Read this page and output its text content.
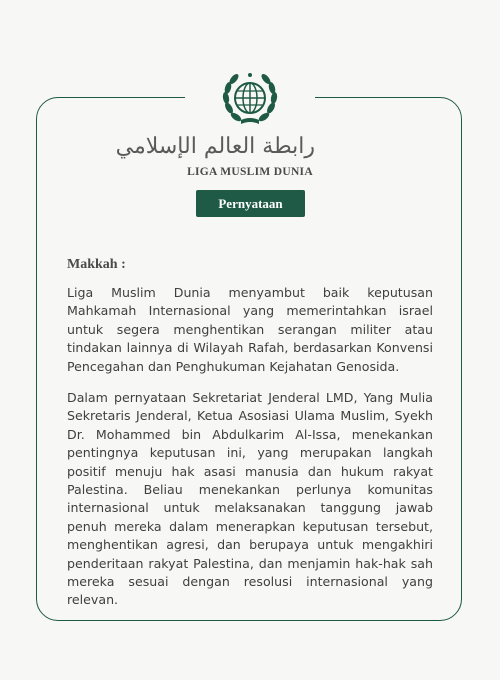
رابطة العالم الإسلامي
LIGA MUSLIM DUNIA
Pernyataan
Makkah :

Liga Muslim Dunia menyambut baik keputusan Mahkamah Internasional yang memerintahkan israel untuk segera menghentikan serangan militer atau tindakan lainnya di Wilayah Rafah, berdasarkan Konvensi Pencegahan dan Penghukuman Kejahatan Genosida.

Dalam pernyataan Sekretariat Jenderal LMD, Yang Mulia Sekretaris Jenderal, Ketua Asosiasi Ulama Muslim, Syekh Dr. Mohammed bin Abdulkarim Al-Issa, menekankan pentingnya keputusan ini, yang merupakan langkah positif menuju hak asasi manusia dan hukum rakyat Palestina. Beliau menekankan perlunya komunitas internasional untuk melaksanakan tanggung jawab penuh mereka dalam menerapkan keputusan tersebut, menghentikan agresi, dan berupaya untuk mengakhiri penderitaan rakyat Palestina, dan menjamin hak-hak sah mereka sesuai dengan resolusi internasional yang relevan.
